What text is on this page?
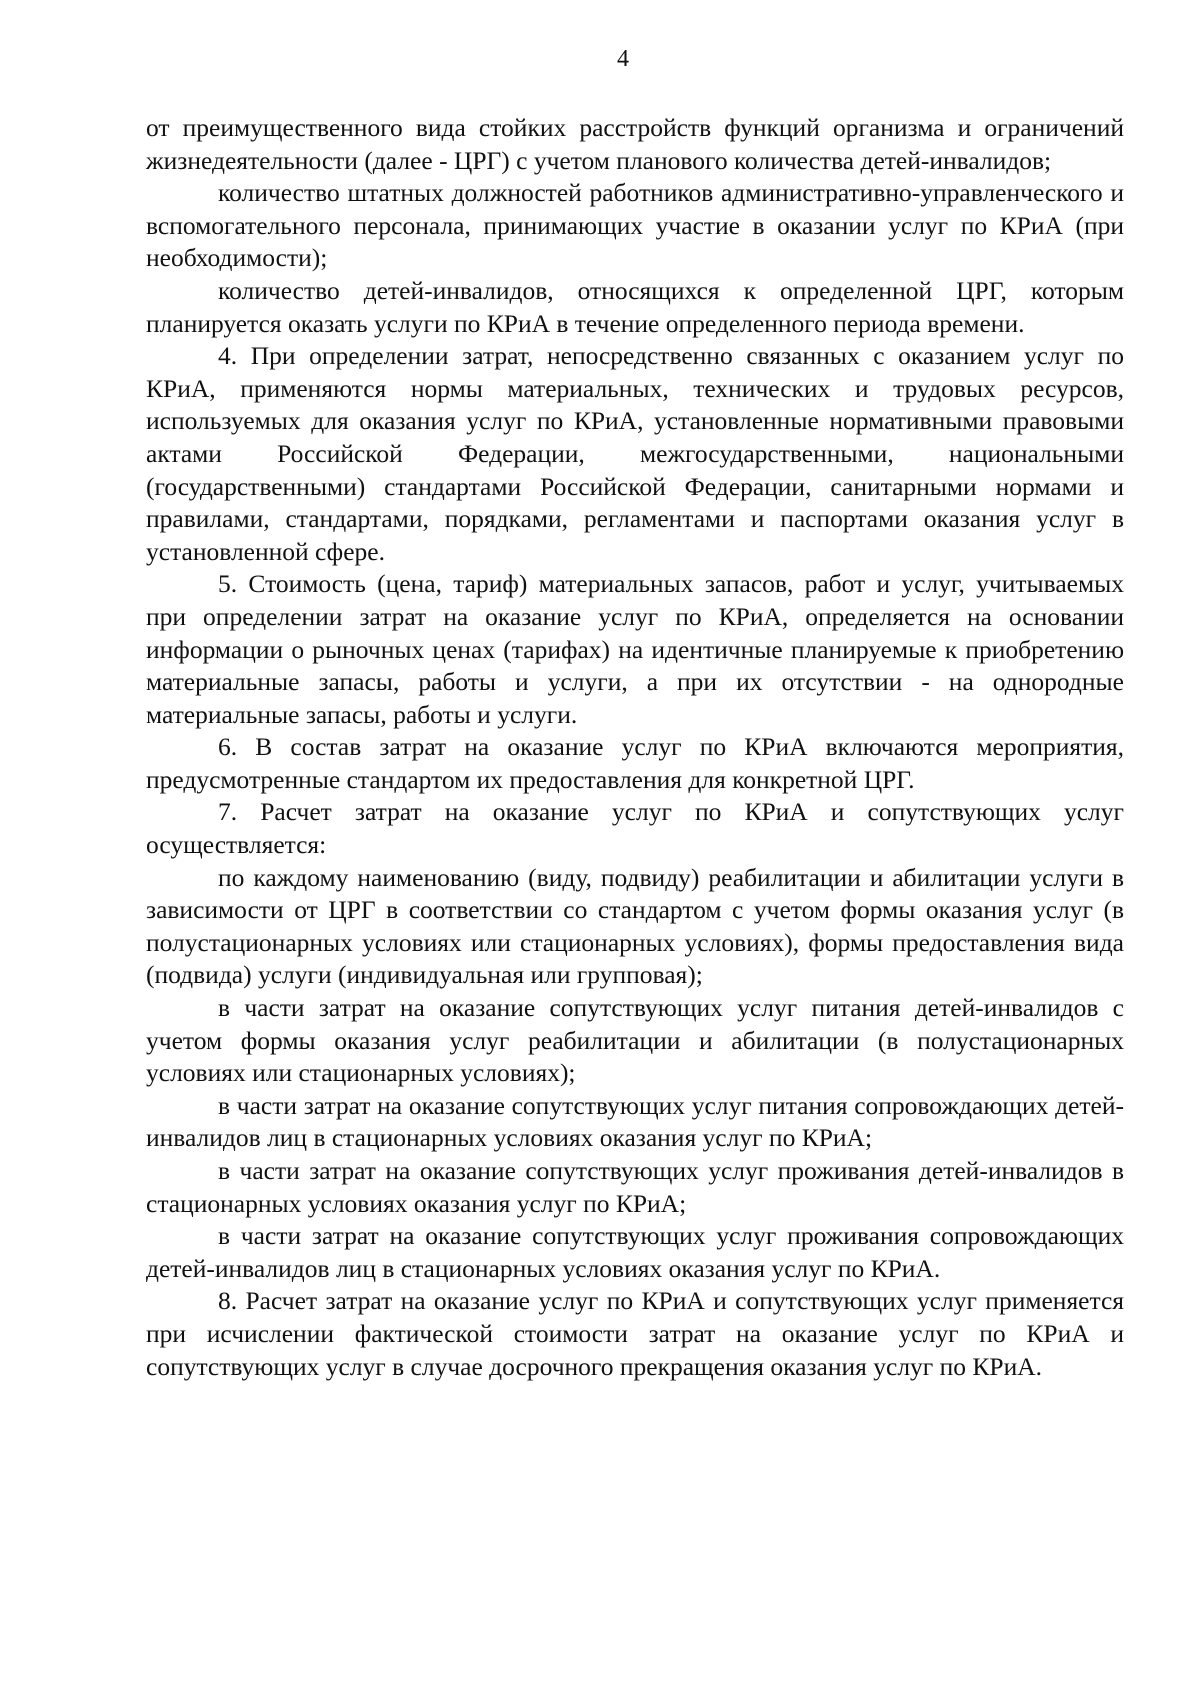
4

от преимущественного вида стойких расстройств функций организма и ограничений жизнедеятельности (далее - ЦРГ) с учетом планового количества детей-инвалидов;

количество штатных должностей работников административно-управленческого и вспомогательного персонала, принимающих участие в оказании услуг по КРиА (при необходимости);

количество детей-инвалидов, относящихся к определенной ЦРГ, которым планируется оказать услуги по КРиА в течение определенного периода времени.

4. При определении затрат, непосредственно связанных с оказанием услуг по КРиА, применяются нормы материальных, технических и трудовых ресурсов, используемых для оказания услуг по КРиА, установленные нормативными правовыми актами Российской Федерации, межгосударственными, национальными (государственными) стандартами Российской Федерации, санитарными нормами и правилами, стандартами, порядками, регламентами и паспортами оказания услуг в установленной сфере.

5. Стоимость (цена, тариф) материальных запасов, работ и услуг, учитываемых при определении затрат на оказание услуг по КРиА, определяется на основании информации о рыночных ценах (тарифах) на идентичные планируемые к приобретению материальные запасы, работы и услуги, а при их отсутствии - на однородные материальные запасы, работы и услуги.

6. В состав затрат на оказание услуг по КРиА включаются мероприятия, предусмотренные стандартом их предоставления для конкретной ЦРГ.

7. Расчет затрат на оказание услуг по КРиА и сопутствующих услуг осуществляется:

по каждому наименованию (виду, подвиду) реабилитации и абилитации услуги в зависимости от ЦРГ в соответствии со стандартом с учетом формы оказания услуг (в полустационарных условиях или стационарных условиях), формы предоставления вида (подвида) услуги (индивидуальная или групповая);

в части затрат на оказание сопутствующих услуг питания детей-инвалидов с учетом формы оказания услуг реабилитации и абилитации (в полустационарных условиях или стационарных условиях);

в части затрат на оказание сопутствующих услуг питания сопровождающих детей-инвалидов лиц в стационарных условиях оказания услуг по КРиА;

в части затрат на оказание сопутствующих услуг проживания детей-инвалидов в стационарных условиях оказания услуг по КРиА;

в части затрат на оказание сопутствующих услуг проживания сопровождающих детей-инвалидов лиц в стационарных условиях оказания услуг по КРиА.

8. Расчет затрат на оказание услуг по КРиА и сопутствующих услуг применяется при исчислении фактической стоимости затрат на оказание услуг по КРиА и сопутствующих услуг в случае досрочного прекращения оказания услуг по КРиА.
